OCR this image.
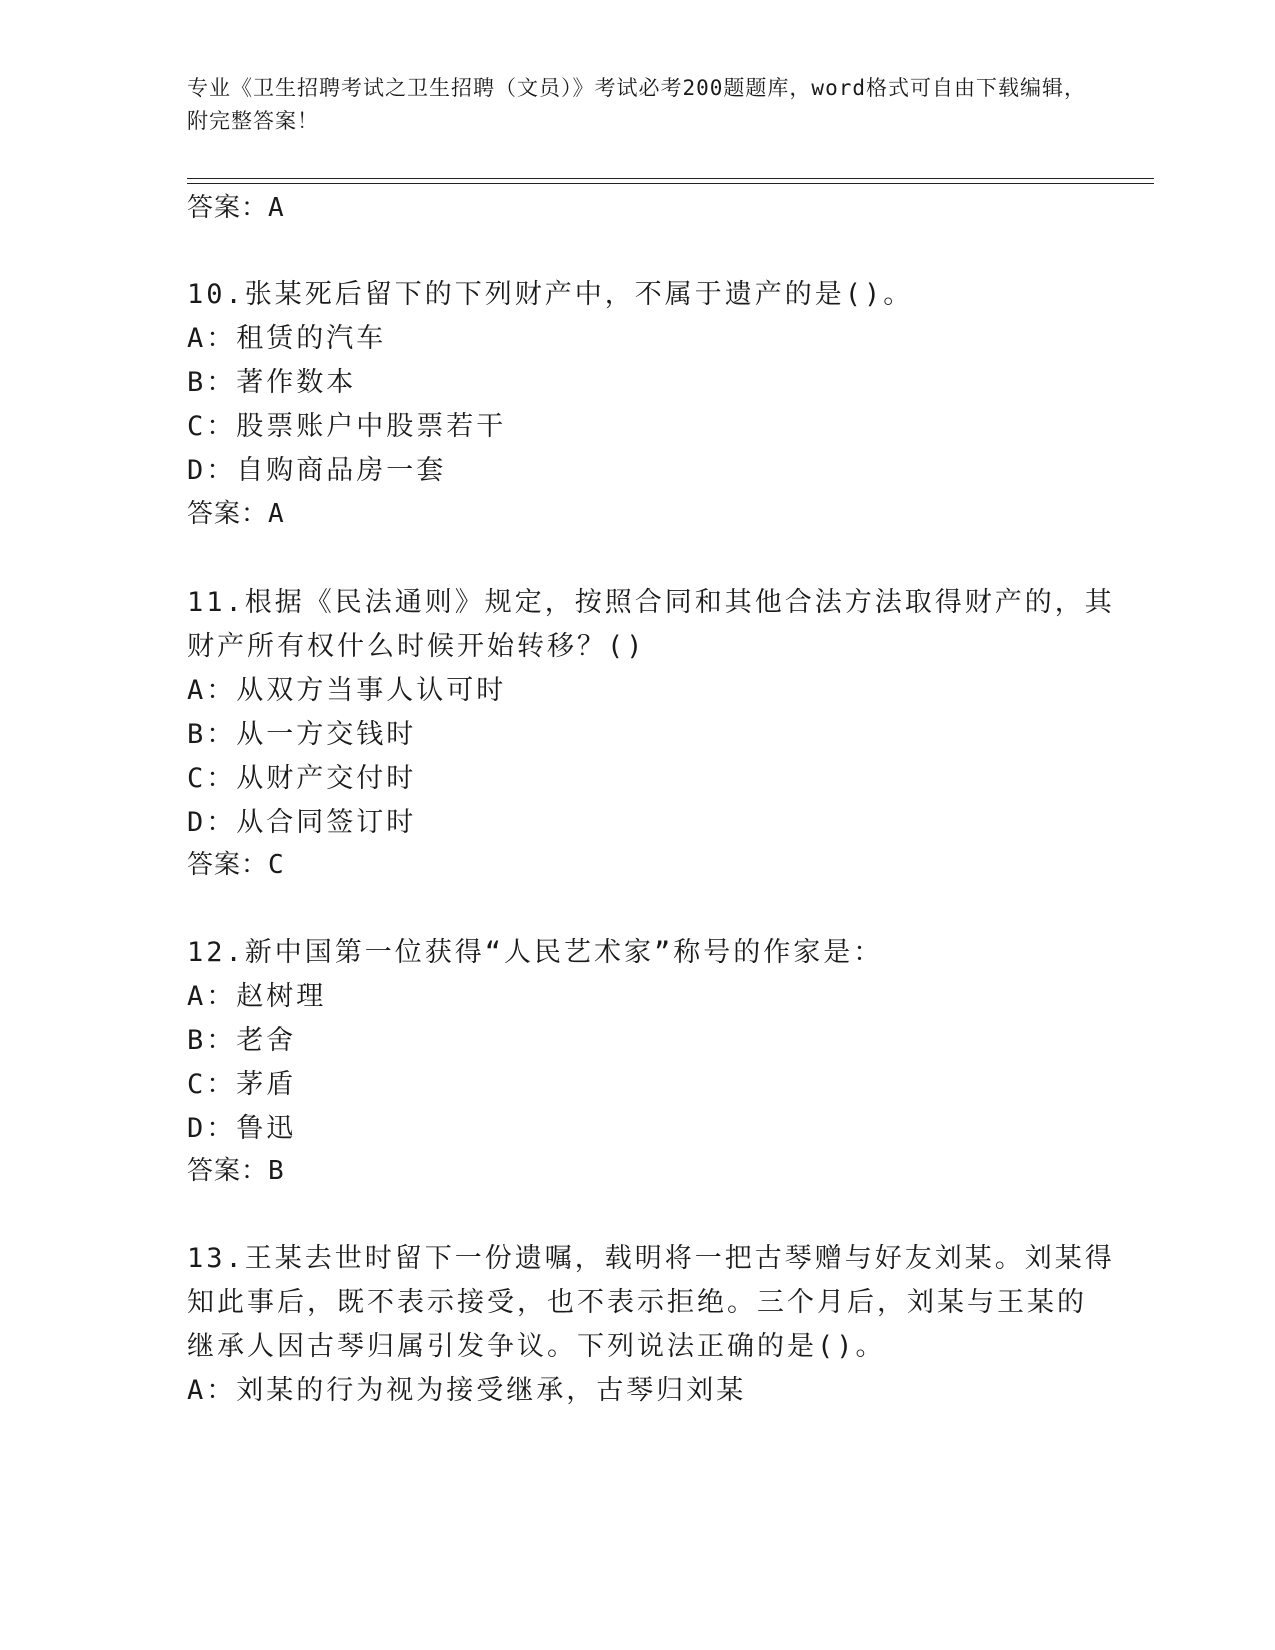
专业《卫生招聘考试之卫生招聘（文员）》考试必考200题题库，word格式可自由下载编辑，附完整答案！
答案：A
10.张某死后留下的下列财产中，不属于遗产的是()。
A：租赁的汽车
B：著作数本
C：股票账户中股票若干
D：自购商品房一套
答案：A
11.根据《民法通则》规定，按照合同和其他合法方法取得财产的，其
财产所有权什么时候开始转移？()
A：从双方当事人认可时
B：从一方交钱时
C：从财产交付时
D：从合同签订时
答案：C
12.新中国第一位获得“人民艺术家”称号的作家是：
A：赵树理
B：老舍
C：茅盾
D：鲁迅
答案：B
13.王某去世时留下一份遗嘱，载明将一把古琴赠与好友刘某。刘某得
知此事后，既不表示接受，也不表示拒绝。三个月后，刘某与王某的
继承人因古琴归属引发争议。下列说法正确的是()。
A：刘某的行为视为接受继承，古琴归刘某
